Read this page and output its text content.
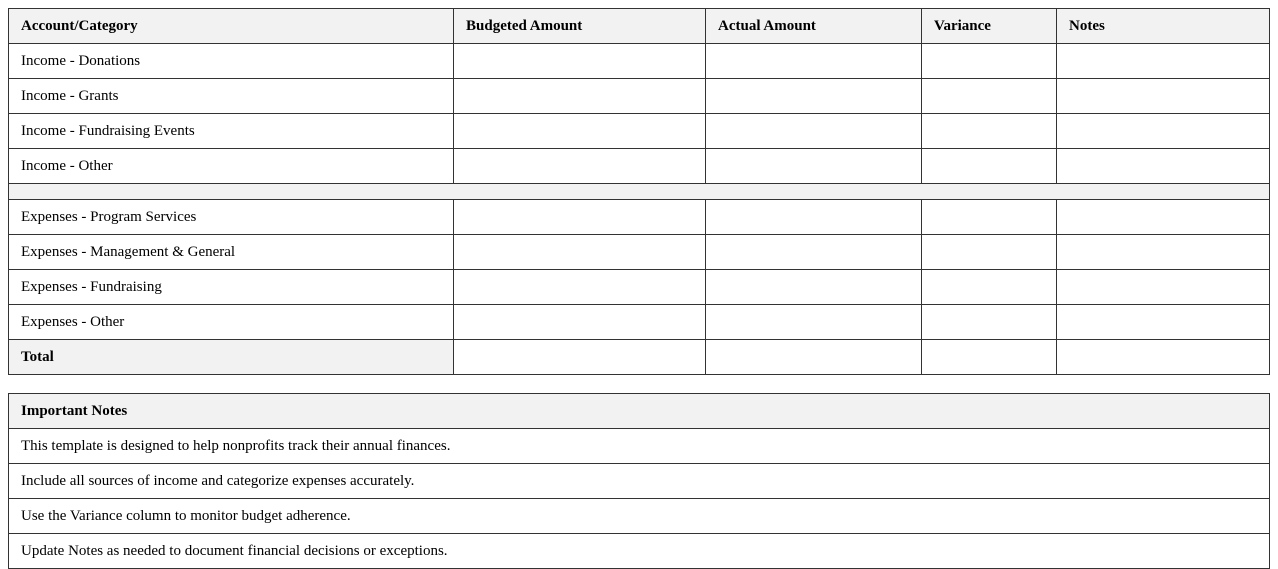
Account/Category	Budgeted Amount	Actual Amount	Variance	Notes
Income - Donations				
Income - Grants				
Income - Fundraising Events				
Income - Other				

Expenses - Program Services				
Expenses - Management & General				
Expenses - Fundraising				
Expenses - Other				
Total				
Important Notes
This template is designed to help nonprofits track their annual finances.
Include all sources of income and categorize expenses accurately.
Use the Variance column to monitor budget adherence.
Update Notes as needed to document financial decisions or exceptions.
